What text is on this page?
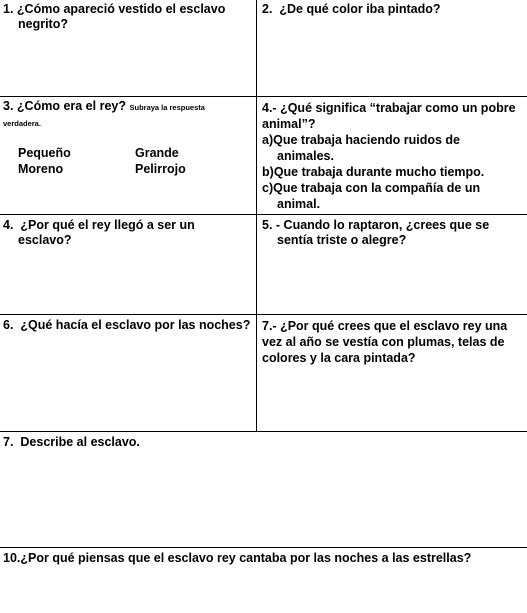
1. ¿Cómo apareció vestido el esclavo negrito?
2. ¿De qué color iba pintado?
3. ¿Cómo era el rey? Subraya la respuesta
verdadera.
Pequeño	Grande
Moreno	Pelirrojo
4.- ¿Qué significa “trabajar como un pobre animal”?
a)Que trabaja haciendo ruidos de
animales.
b)Que trabaja durante mucho tiempo.
c)Que trabaja con la compañía de un
animal.
4. ¿Por qué el rey llegó a ser un esclavo?
5. - Cuando lo raptaron, ¿crees que se sentía triste o alegre?
6. ¿Qué hacía el esclavo por las noches? 7.- ¿Por qué crees que el esclavo rey una vez al año se vestía con plumas, telas de colores y la cara pintada?
7. Describe al esclavo.
10.¿Por qué piensas que el esclavo rey cantaba por las noches a las estrellas?
